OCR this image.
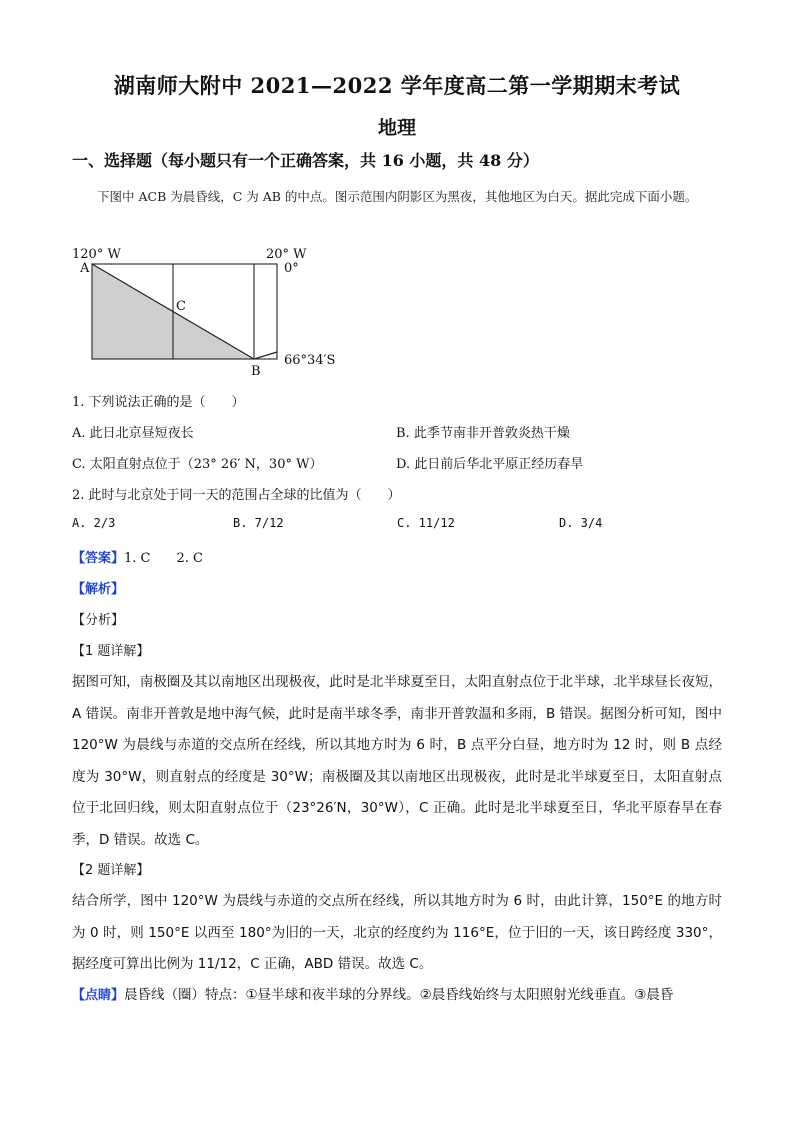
湖南师大附中 2021—2022 学年度高二第一学期期末考试
地理
一、选择题（每小题只有一个正确答案，共 16 小题，共 48 分）
下图中 ACB 为晨昏线，C 为 AB 的中点。图示范围内阴影区为黑夜，其他地区为白天。据此完成下面小题。
120° W	20° W
0°
66°34′S
A
B
C
1. 下列说法正确的是（　　）
A. 此日北京昼短夜长	B. 此季节南非开普敦炎热干燥
C. 太阳直射点位于（23° 26′ N，30° W）	D. 此日前后华北平原正经历春旱
2. 此时与北京处于同一天的范围占全球的比值为（　　）
A. 2/3	B. 7/12	C. 11/12	D. 3/4
【答案】1. C　　2. C
【解析】
【分析】
【1 题详解】
据图可知，南极圈及其以南地区出现极夜，此时是北半球夏至日，太阳直射点位于北半球，北半球昼长夜短，A 错误。南非开普敦是地中海气候，此时是南半球冬季，南非开普敦温和多雨，B 错误。据图分析可知，图中 120°W 为晨线与赤道的交点所在经线，所以其地方时为 6 时，B 点平分白昼，地方时为 12 时，则 B 点经度为 30°W，则直射点的经度是 30°W；南极圈及其以南地区出现极夜，此时是北半球夏至日，太阳直射点位于北回归线，则太阳直射点位于（23°26′N，30°W），C 正确。此时是北半球夏至日，华北平原春旱在春季，D 错误。故选 C。
【2 题详解】
结合所学，图中 120°W 为晨线与赤道的交点所在经线，所以其地方时为 6 时，由此计算，150°E 的地方时为 0 时，则 150°E 以西至 180°为旧的一天，北京的经度约为 116°E，位于旧的一天，该日跨经度 330°，据经度可算出比例为 11/12，C 正确，ABD 错误。故选 C。
【点睛】晨昏线（圈）特点：①昼半球和夜半球的分界线。②晨昏线始终与太阳照射光线垂直。③晨昏
